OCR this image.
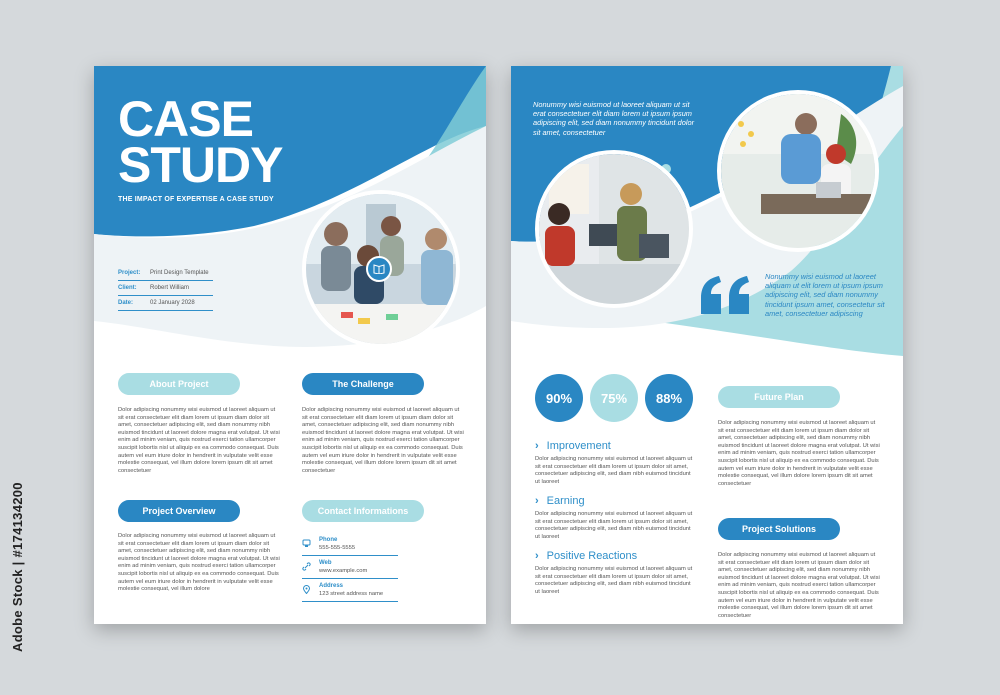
CASE
STUDY
THE IMPACT OF EXPERTISE A CASE STUDY
Project:	Print Design Template
Client:	Robert William
Date:	02 January 2028
About Project	The Challenge
Dolor adipiscing nonummy wisi euismod ut laoreet aliquam ut sit erat consectetuer elit diam lorem ut ipsum diam dolor sit amet, consectetuer adipiscing elit, sed diam nonummy nibh euismod tincidunt ut laoreet dolore magna erat volutpat. Ut wisi enim ad minim veniam, quis nostrud exerci tation ullamcorper suscipit lobortis nisl ut aliquip ex ea commodo consequat. Duis autem vel eum iriure dolor in hendrerit in vulputate velit esse molestie consequat, vel illum dolore lorem ipsum dit sit amet consectetuer
Dolor adipiscing nonummy wisi euismod ut laoreet aliquam ut sit erat consectetuer elit diam lorem ut ipsum diam dolor sit amet, consectetuer adipiscing elit, sed diam nonummy nibh euismod tincidunt ut laoreet dolore magna erat volutpat. Ut wisi enim ad minim veniam, quis nostrud exerci tation ullamcorper suscipit lobortis nisl ut aliquip ex ea commodo consequat. Duis autem vel eum iriure dolor in hendrerit in vulputate velit esse molestie consequat, vel illum dolore lorem ipsum dit sit amet consectetuer
Project Overview	Contact Informations
Dolor adipiscing nonummy wisi euismod ut laoreet aliquam ut sit erat consectetuer elit diam lorem ut ipsum diam dolor sit amet, consectetuer adipiscing elit, sed diam nonummy nibh euismod tincidunt ut laoreet dolore magna erat volutpat. Ut wisi enim ad minim veniam, quis nostrud exerci tation ullamcorper suscipit lobortis nisl ut aliquip ex ea commodo consequat. Duis autem vel eum iriure dolor in hendrerit in vulputate velit esse molestie consequat, vel illum dolore
Phone
555-555-5555
Web
www.example.com
Address
123 street address name
Nonummy wisi euismod ut laoreet aliquam ut sit erat consectetuer elit diam lorem ut ipsum ipsum adipiscing elit, sed diam nonummy tincidunt dolor sit amet, consectetuer
Nonummy wisi euismod ut laoreet aliquam ut elit lorem ut ipsum ipsum adipiscing elit, sed diam nonummy tincidunt ipsum amet, consectetur sit amet, consectetuer adipiscing
90%	75%	88%
› Improvement
Dolor adipiscing nonummy wisi euismod ut laoreet aliquam ut sit erat consectetuer elit diam lorem ut ipsum dolor sit amet, consectetuer adipiscing elit, sed diam nibh euismod tincidunt ut laoreet
› Earning
Dolor adipiscing nonummy wisi euismod ut laoreet aliquam ut sit erat consectetuer elit diam lorem ut ipsum dolor sit amet, consectetuer adipiscing elit, sed diam nibh euismod tincidunt ut laoreet
› Positive Reactions
Dolor adipiscing nonummy wisi euismod ut laoreet aliquam ut sit erat consectetuer elit diam lorem ut ipsum dolor sit amet, consectetuer adipiscing elit, sed diam nibh euismod tincidunt ut laoreet
Future Plan
Dolor adipiscing nonummy wisi euismod ut laoreet aliquam ut sit erat consectetuer elit diam lorem ut ipsum diam dolor sit amet, consectetuer adipiscing elit, sed diam nonummy nibh euismod tincidunt ut laoreet dolore magna erat volutpat. Ut wisi enim ad minim veniam, quis nostrud exerci tation ullamcorper suscipit lobortis nisl ut aliquip ex ea commodo consequat. Duis autem vel eum iriure dolor in hendrerit in vulputate velit esse molestie consequat, vel illum dolore lorem ipsum dit sit amet consectetuer
Project Solutions
Dolor adipiscing nonummy wisi euismod ut laoreet aliquam ut sit erat consectetuer elit diam lorem ut ipsum diam dolor sit amet, consectetuer adipiscing elit, sed diam nonummy nibh euismod tincidunt ut laoreet dolore magna erat volutpat. Ut wisi enim ad minim veniam, quis nostrud exerci tation ullamcorper suscipit lobortis nisl ut aliquip ex ea commodo consequat. Duis autem vel eum iriure dolor in hendrerit in vulputate velit esse molestie consequat, vel illum dolore lorem ipsum dit sit amet consectetuer
Adobe Stock | #174134200
